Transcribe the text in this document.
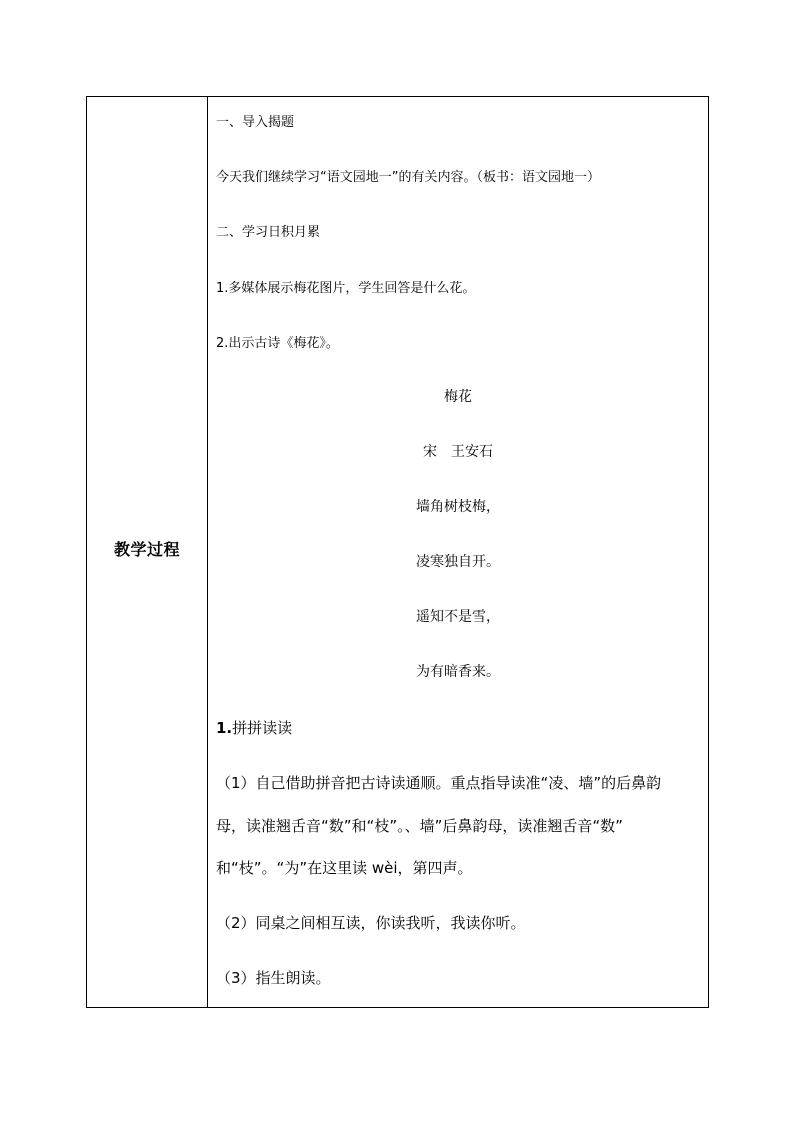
教学过程
一、导入揭题
今天我们继续学习“语文园地一”的有关内容。（板书：语文园地一）
二、学习日积月累
1.多媒体展示梅花图片，学生回答是什么花。
2.出示古诗《梅花》。
梅花
宋　王安石
墙角树枝梅，
凌寒独自开。
遥知不是雪，
为有暗香来。
1.拼拼读读
（1）自己借助拼音把古诗读通顺。重点指导读准“凌、墙”的后鼻韵
母，读准翘舌音“数”和“枝”。、墙”后鼻韵母，读准翘舌音“数”
和“枝”。“为”在这里读 wèi，第四声。
（2）同桌之间相互读，你读我听，我读你听。
（3）指生朗读。
